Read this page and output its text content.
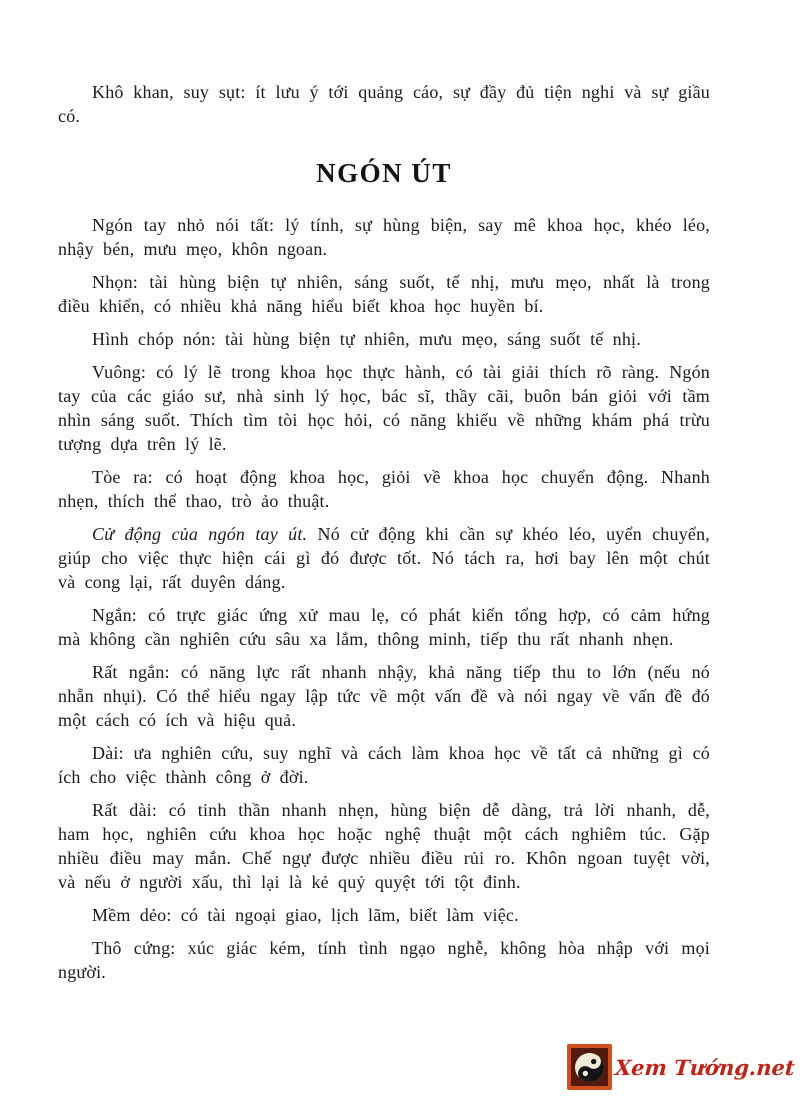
Khô khan, suy sụt: ít lưu ý tới quảng cáo, sự đầy đủ tiện nghi và sự giầu có.

NGÓN ÚT

Ngón tay nhỏ nói tất: lý tính, sự hùng biện, say mê khoa học, khéo léo, nhậy bén, mưu mẹo, khôn ngoan.

Nhọn: tài hùng biện tự nhiên, sáng suốt, tế nhị, mưu mẹo, nhất là trong điều khiển, có nhiều khả năng hiểu biết khoa học huyền bí.

Hình chóp nón: tài hùng biện tự nhiên, mưu mẹo, sáng suốt tế nhị.

Vuông: có lý lẽ trong khoa học thực hành, có tài giải thích rõ ràng. Ngón tay của các giáo sư, nhà sinh lý học, bác sĩ, thầy cãi, buôn bán giỏi với tầm nhìn sáng suốt. Thích tìm tòi học hỏi, có năng khiếu về những khám phá trừu tượng dựa trên lý lẽ.

Tòe ra: có hoạt động khoa học, giỏi về khoa học chuyển động. Nhanh nhẹn, thích thể thao, trò ảo thuật.

Cử động của ngón tay út. Nó cử động khi cần sự khéo léo, uyển chuyển, giúp cho việc thực hiện cái gì đó được tốt. Nó tách ra, hơi bay lên một chút và cong lại, rất duyên dáng.

Ngắn: có trực giác ứng xử mau lẹ, có phát kiến tổng hợp, có cảm hứng mà không cần nghiên cứu sâu xa lắm, thông minh, tiếp thu rất nhanh nhẹn.

Rất ngắn: có năng lực rất nhanh nhậy, khả năng tiếp thu to lớn (nếu nó nhẵn nhụi). Có thể hiểu ngay lập tức về một vấn đề và nói ngay về vấn đề đó một cách có ích và hiệu quả.

Dài: ưa nghiên cứu, suy nghĩ và cách làm khoa học về tất cả những gì có ích cho việc thành công ở đời.

Rất dài: có tinh thần nhanh nhẹn, hùng biện dễ dàng, trả lời nhanh, dễ, ham học, nghiên cứu khoa học hoặc nghệ thuật một cách nghiêm túc. Gặp nhiều điều may mắn. Chế ngự được nhiều điều rủi ro. Khôn ngoan tuyệt vời, và nếu ở người xấu, thì lại là kẻ quỷ quyệt tới tột đỉnh.

Mềm dẻo: có tài ngoại giao, lịch lãm, biết làm việc.

Thô cứng: xúc giác kém, tính tình ngạo nghễ, không hòa nhập với mọi người.

Xem Tướng.net
